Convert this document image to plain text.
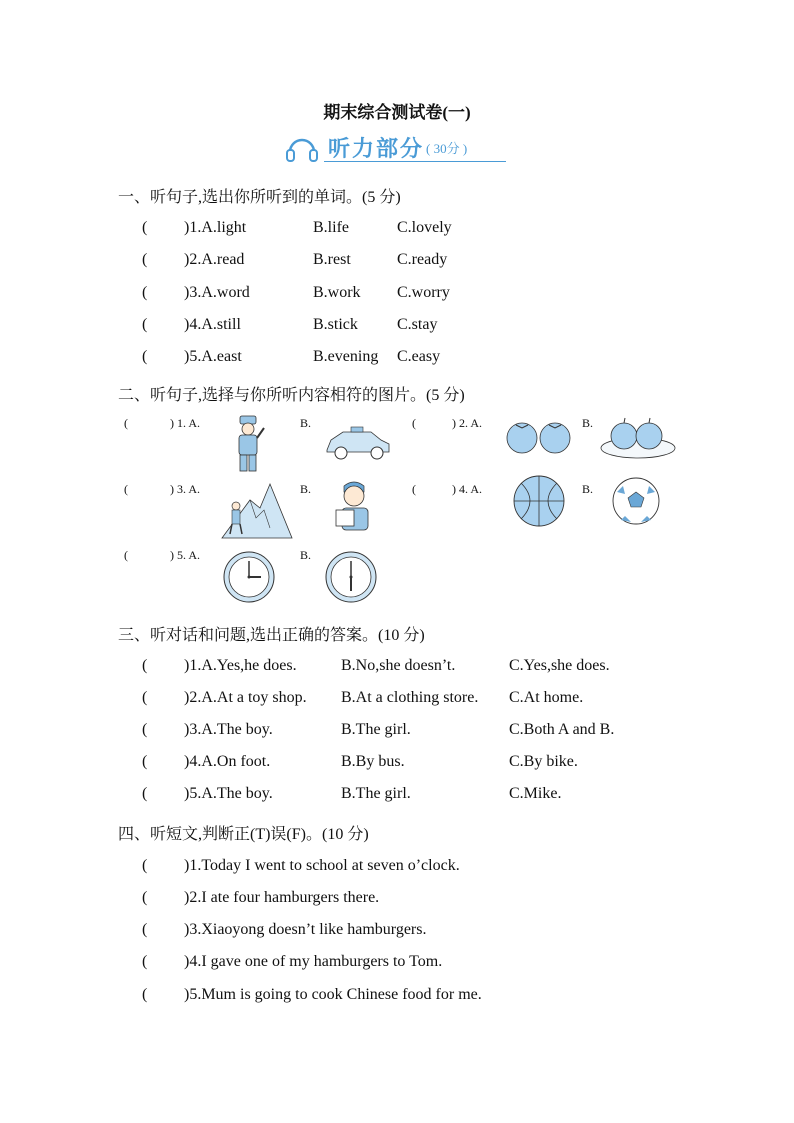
期末综合测试卷(一)
听力部分 ( 30分 )
一、听句子,选出你所听到的单词。(5 分)
( )1.A.light	B.life	C.lovely
( )2.A.read	B.rest	C.ready
( )3.A.word	B.work C.worry
( )4.A.still	B.stick C.stay
( )5.A.east	B.evening C.easy
二、听句子,选择与你所听内容相符的图片。(5 分)
(	) 1. A.	B.	(	) 2. A.	B.
(	) 3. A.	B.	(	) 4. A.	B.
(	) 5. A.	B.
三、听对话和问题,选出正确的答案。(10 分)
( )1.A.Yes,he does.	B.No,she doesn’t.	C.Yes,she does.
( )2.A.At a toy shop. B.At a clothing store. C.At home.
( )3.A.The boy.	B.The girl.	C.Both A and B.
( )4.A.On foot.	B.By bus.	C.By bike.
( )5.A.The boy.	B.The girl.	C.Mike.
四、听短文,判断正(T)误(F)。(10 分)
( )1.Today I went to school at seven o’clock.
( )2.I ate four hamburgers there.
( )3.Xiaoyong doesn’t like hamburgers.
( )4.I gave one of my hamburgers to Tom.
( )5.Mum is going to cook Chinese food for me.
